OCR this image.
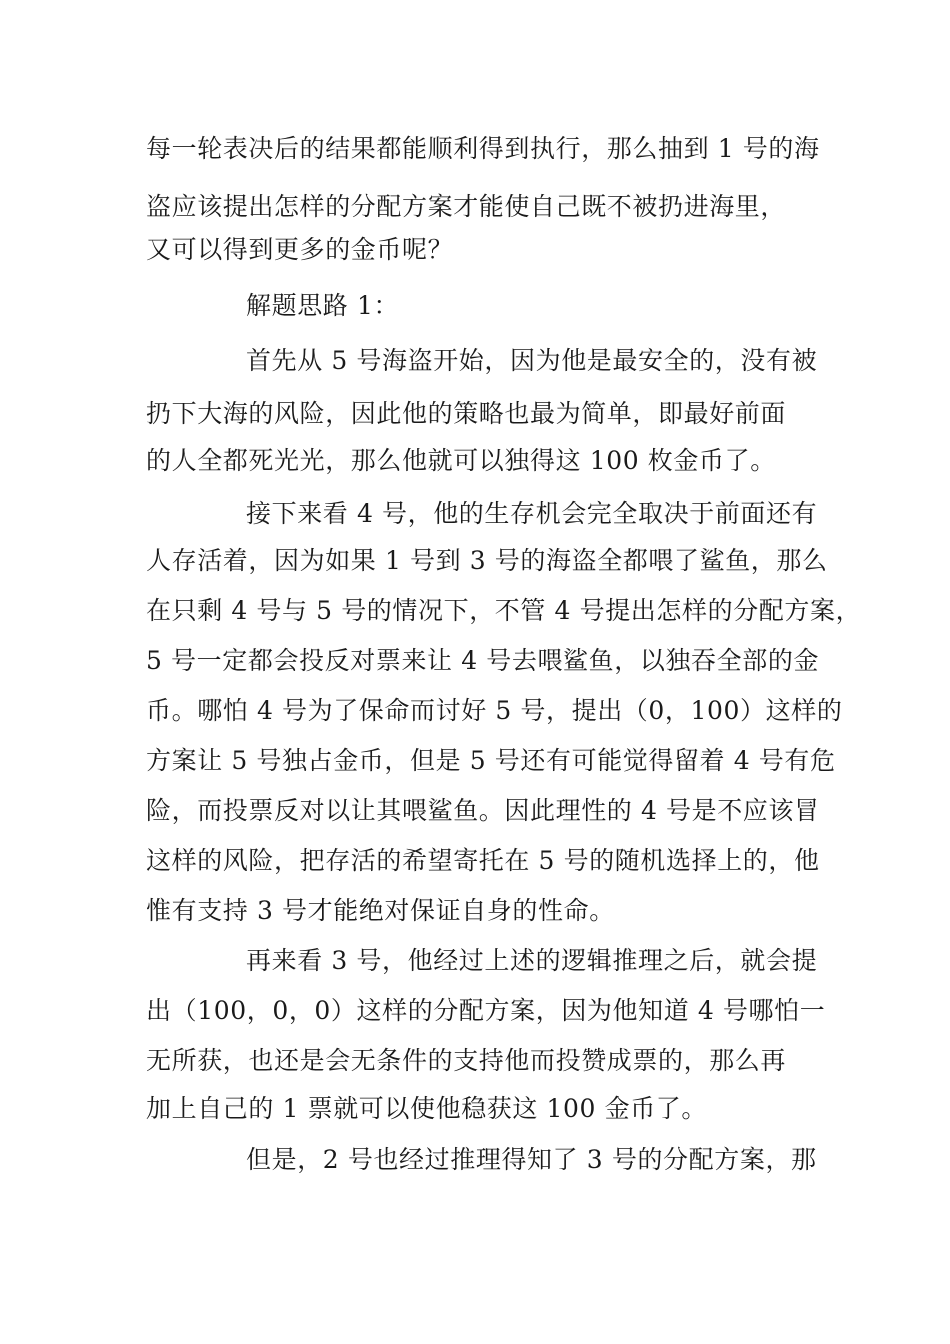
每一轮表决后的结果都能顺利得到执行，那么抽到 1 号的海
盗应该提出怎样的分配方案才能使自己既不被扔进海里，
又可以得到更多的金币呢？
解题思路 1：
首先从 5 号海盗开始，因为他是最安全的，没有被
扔下大海的风险，因此他的策略也最为简单，即最好前面
的人全都死光光，那么他就可以独得这 100 枚金币了。
接下来看 4 号，他的生存机会完全取决于前面还有
人存活着，因为如果 1 号到 3 号的海盗全都喂了鲨鱼，那么
在只剩 4 号与 5 号的情况下，不管 4 号提出怎样的分配方案，
5 号一定都会投反对票来让 4 号去喂鲨鱼，以独吞全部的金
币。哪怕 4 号为了保命而讨好 5 号，提出（0，100）这样的
方案让 5 号独占金币，但是 5 号还有可能觉得留着 4 号有危
险，而投票反对以让其喂鲨鱼。因此理性的 4 号是不应该冒
这样的风险，把存活的希望寄托在 5 号的随机选择上的，他
惟有支持 3 号才能绝对保证自身的性命。
再来看 3 号，他经过上述的逻辑推理之后，就会提
出（100，0，0）这样的分配方案，因为他知道 4 号哪怕一
无所获，也还是会无条件的支持他而投赞成票的，那么再
加上自己的 1 票就可以使他稳获这 100 金币了。
但是，2 号也经过推理得知了 3 号的分配方案，那
